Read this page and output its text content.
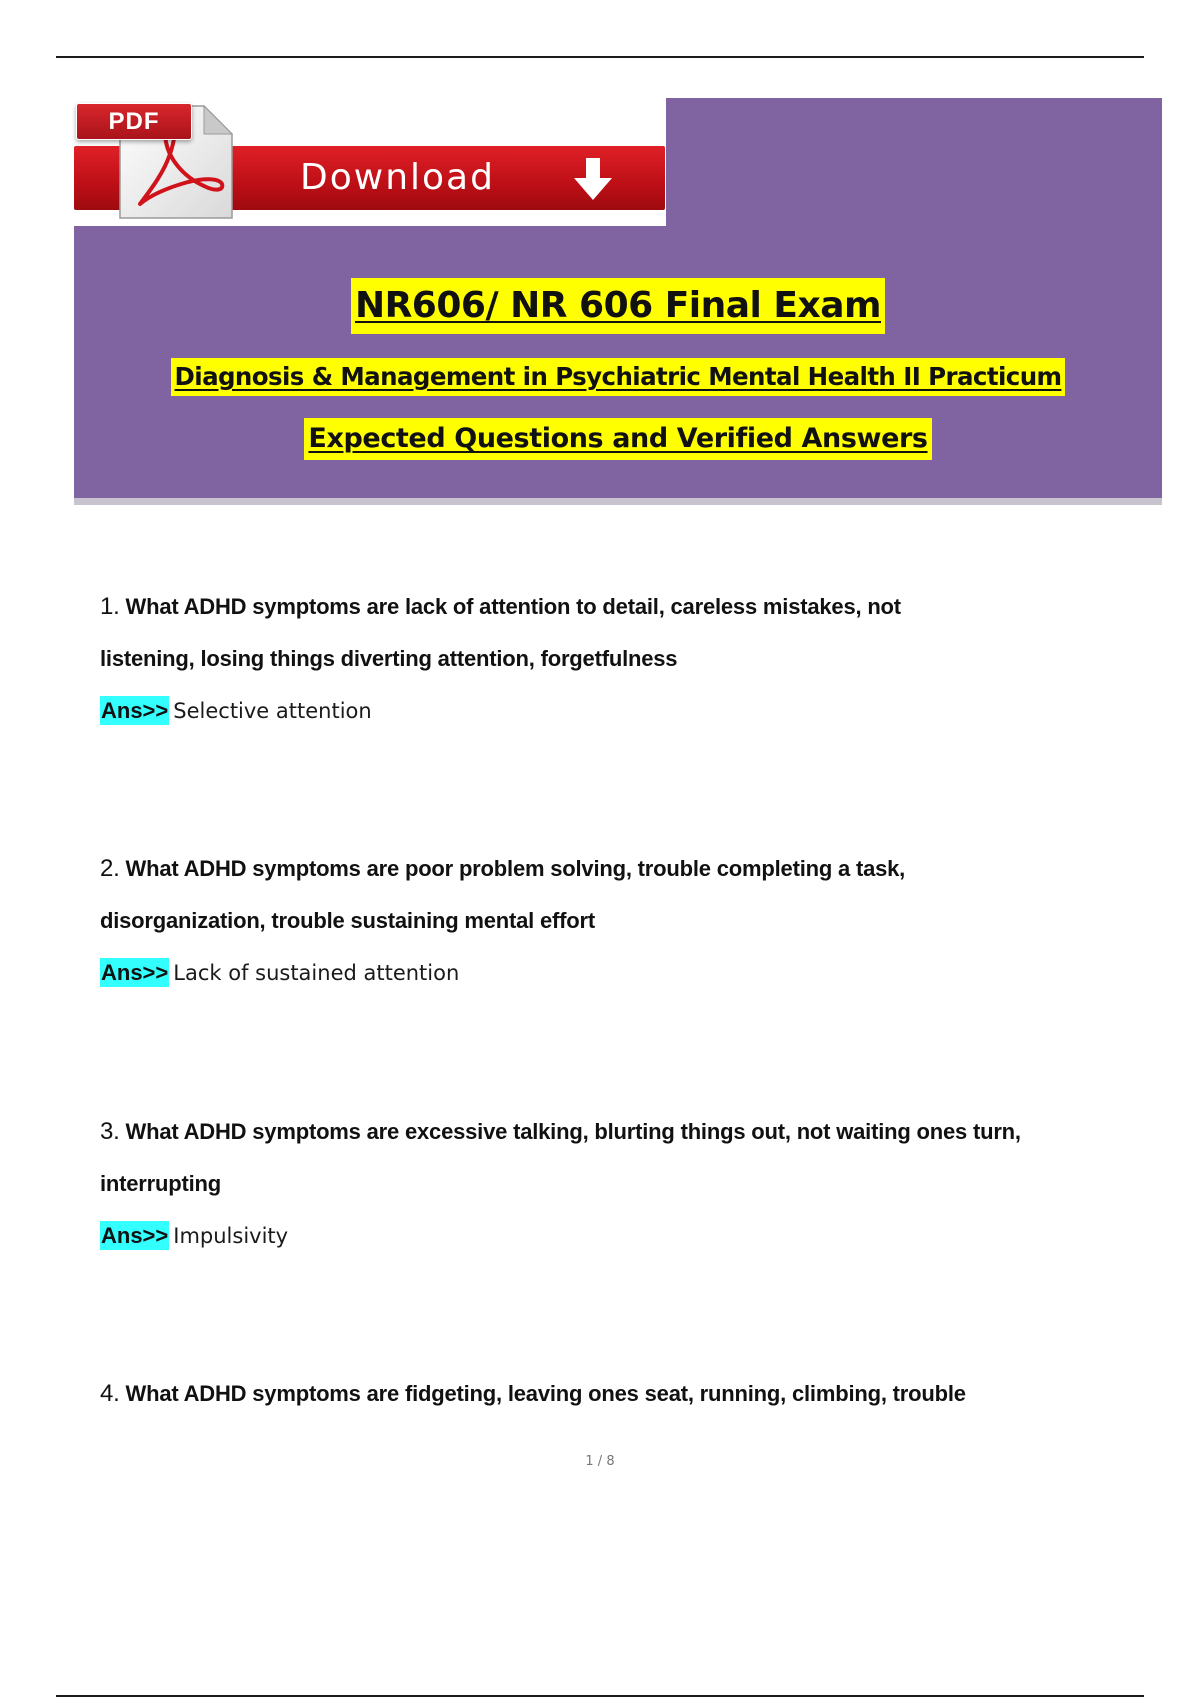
Download
PDF
NR606/ NR 606 Final Exam
Diagnosis & Management in Psychiatric Mental Health II Practicum
Expected Questions and Verified Answers
1. What ADHD symptoms are lack of attention to detail, careless mistakes, not
listening, losing things diverting attention, forgetfulness
Ans>> Selective attention
2. What ADHD symptoms are poor problem solving, trouble completing a task,
disorganization, trouble sustaining mental effort
Ans>> Lack of sustained attention
3. What ADHD symptoms are excessive talking, blurting things out, not waiting ones turn,
interrupting
Ans>> Impulsivity
4. What ADHD symptoms are fidgeting, leaving ones seat, running, climbing, trouble
1 / 8
